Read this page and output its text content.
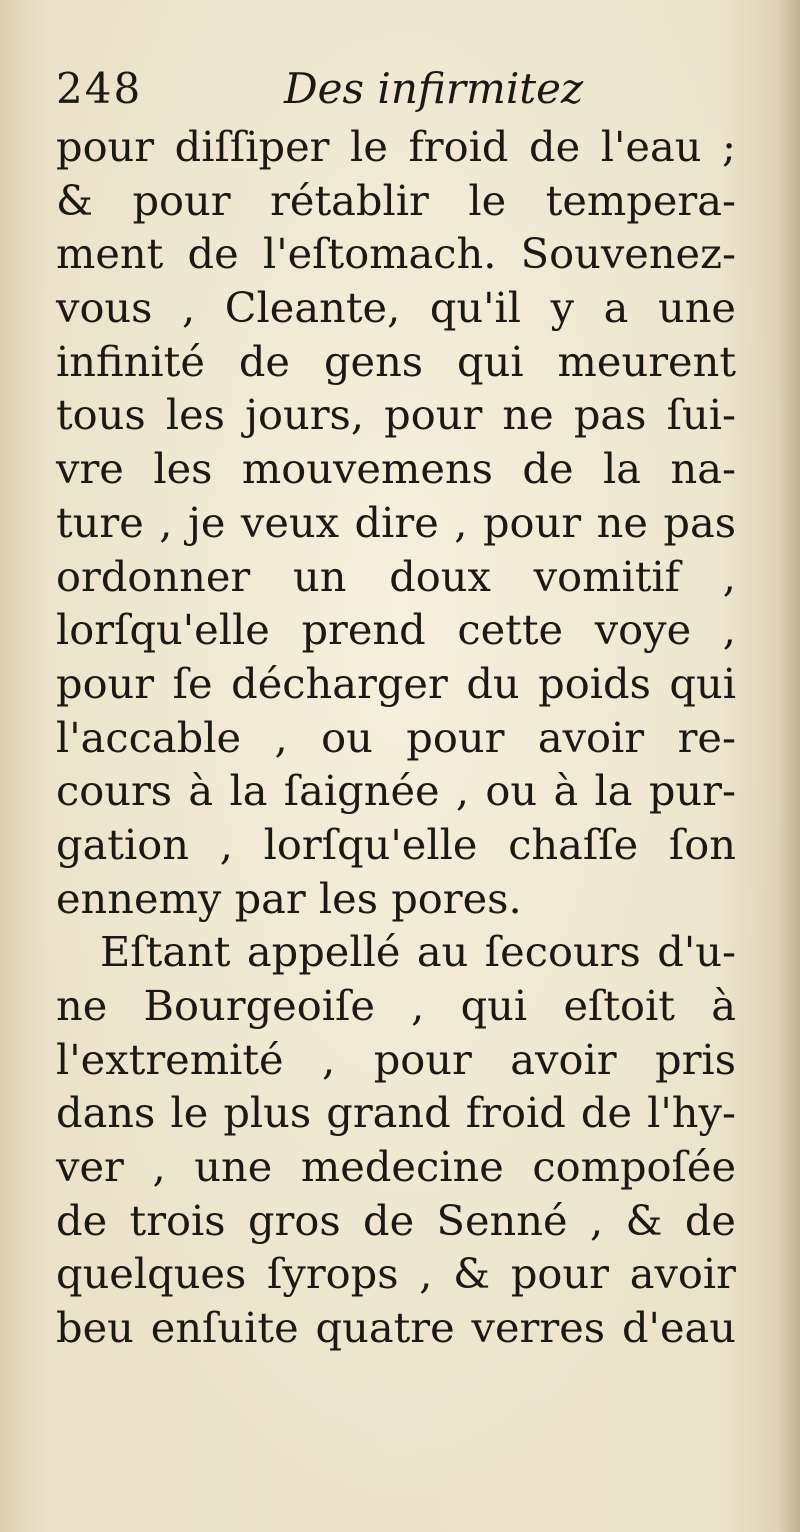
248	Des infirmitez
pour diſſiper le froid de l'eau ;
& pour rétablir le tempera-
ment de l'eſtomach. Souvenez-
vous , Cleante, qu'il y a une
infinité de gens qui meurent
tous les jours, pour ne pas ſui-
vre les mouvemens de la na-
ture , je veux dire , pour ne pas
ordonner un doux vomitif ,
lorſqu'elle prend cette voye ,
pour ſe décharger du poids qui
l'accable , ou pour avoir re-
cours à la ſaignée , ou à la pur-
gation , lorſqu'elle chaſſe ſon
ennemy par les pores.
Eſtant appellé au ſecours d'u-
ne Bourgeoiſe , qui eſtoit à
l'extremité , pour avoir pris
dans le plus grand froid de l'hy-
ver , une medecine compoſée
de trois gros de Senné , & de
quelques ſyrops , & pour avoir
beu enſuite quatre verres d'eau
